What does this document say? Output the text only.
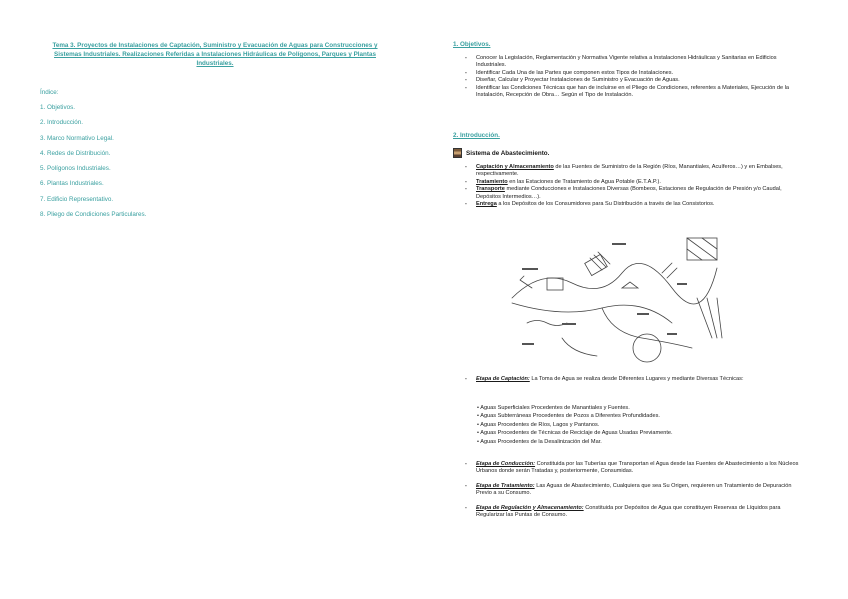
Tema 3. Proyectos de Instalaciones de Captación, Suministro y Evacuación de Aguas para Construcciones y Sistemas Industriales. Realizaciones Referidas a Instalaciones Hidráulicas de Polígonos, Parques y Plantas Industriales.
Índice:
1. Objetivos.
2. Introducción.
3. Marco Normativo Legal.
4. Redes de Distribución.
5. Polígonos Industriales.
6. Plantas Industriales.
7. Edificio Representativo.
8. Pliego de Condiciones Particulares.
1. Objetivos.
- Conocer la Legislación, Reglamentación y Normativa Vigente relativa a Instalaciones Hidráulicas y Sanitarias en Edificios Industriales.
- Identificar Cada Una de las Partes que componen estos Tipos de Instalaciones.
- Diseñar, Calcular y Proyectar Instalaciones de Suministro y Evacuación de Aguas.
- Identificar las Condiciones Técnicas que han de incluirse en el Pliego de Condiciones, referentes a Materiales, Ejecución de la Instalación, Recepción de Obra… Según el Tipo de Instalación.
2. Introducción.
Sistema de Abastecimiento.
- Captación y Almacenamiento de las Fuentes de Suministro de la Región (Ríos, Manantiales, Acuíferos…) y en Embalses, respectivamente.
- Tratamiento en las Estaciones de Tratamiento de Agua Potable (E.T.A.P.).
- Transporte mediante Conducciones e Instalaciones Diversas (Bombeos, Estaciones de Regulación de Presión y/o Caudal, Depósitos Intermedios…).
- Entrega a los Depósitos de los Consumidores para Su Distribución a través de las Consistorios.
- Etapa de Captación: La Toma de Agua se realiza desde Diferentes Lugares y mediante Diversas Técnicas:
• Aguas Superficiales Procedentes de Manantiales y Fuentes.
• Aguas Subterráneas Procedentes de Pozos a Diferentes Profundidades.
• Aguas Procedentes de Ríos, Lagos y Pantanos.
• Aguas Procedentes de Técnicas de Reciclaje de Aguas Usadas Previamente.
• Aguas Procedentes de la Desalinización del Mar.
- Etapa de Conducción: Constituida por las Tuberías que Transportan el Agua desde las Fuentes de Abastecimiento a los Núcleos Urbanos donde serán Tratadas y, posteriormente, Consumidas.
- Etapa de Tratamiento: Las Aguas de Abastecimiento, Cualquiera que sea Su Origen, requieren un Tratamiento de Depuración Previo a su Consumo.
- Etapa de Regulación y Almacenamiento: Constituida por Depósitos de Agua que constituyen Reservas de Líquidos para Regularizar las Puntas de Consumo.
